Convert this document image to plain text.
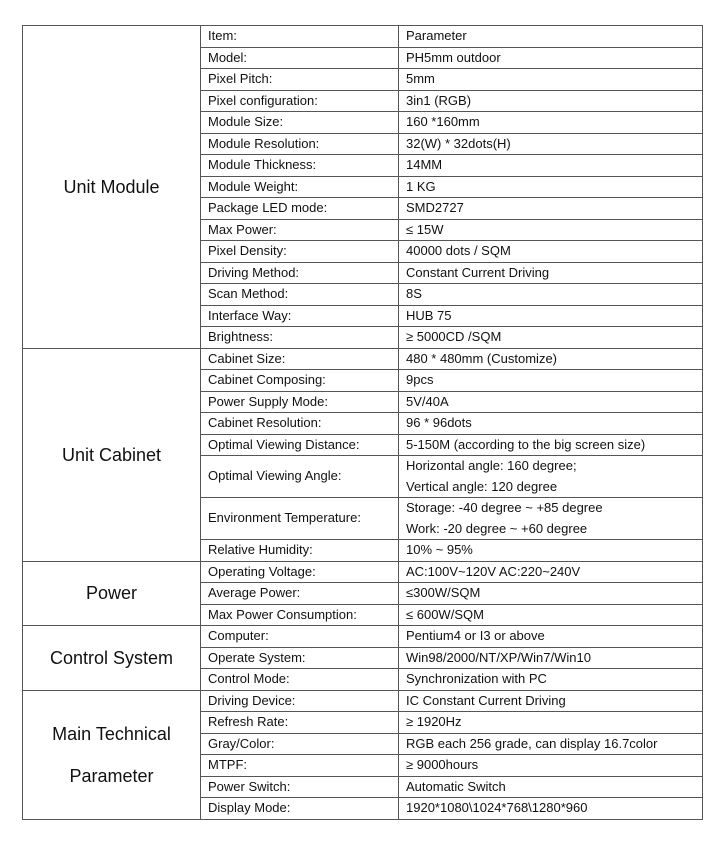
Unit Module	Item:	Parameter

	Model:	PH5mm outdoor

	Pixel Pitch:	5mm

	Pixel configuration:	3in1 (RGB)

	Module Size:	160 *160mm

	Module Resolution:	32(W) * 32dots(H)

	Module Thickness:	14MM

	Module Weight:	1 KG

	Package LED mode:	SMD2727

	Max Power:	≤ 15W

	Pixel Density:	40000 dots / SQM

	Driving Method:	Constant Current Driving

	Scan Method:	8S

	Interface Way:	HUB 75

	Brightness:	≥ 5000CD /SQM

Unit Cabinet	Cabinet Size:	480 * 480mm (Customize)

	Cabinet Composing:	9pcs

	Power Supply Mode:	5V/40A

	Cabinet Resolution:	96 * 96dots

	Optimal Viewing Distance:	5-150M (according to the big screen size)

	Optimal Viewing Angle:	Horizontal angle: 160 degree;
Vertical angle: 120 degree

	Environment Temperature:	Storage: -40 degree ~ +85 degree
Work: -20 degree ~ +60 degree

	Relative Humidity:	10% ~ 95%

Power	Operating Voltage:	AC:100V~120V AC:220~240V

	Average Power:	≤300W/SQM

	Max Power Consumption:	≤ 600W/SQM

Control System	Computer:	Pentium4 or I3 or above

	Operate System:	Win98/2000/NT/XP/Win7/Win10

	Control Mode:	Synchronization with PC

Main Technical Parameter	Driving Device:	IC Constant Current Driving

	Refresh Rate:	≥ 1920Hz

	Gray/Color:	RGB each 256 grade, can display 16.7color

	MTPF:	≥ 9000hours

	Power Switch:	Automatic Switch

	Display Mode:	1920*1080\1024*768\1280*960
